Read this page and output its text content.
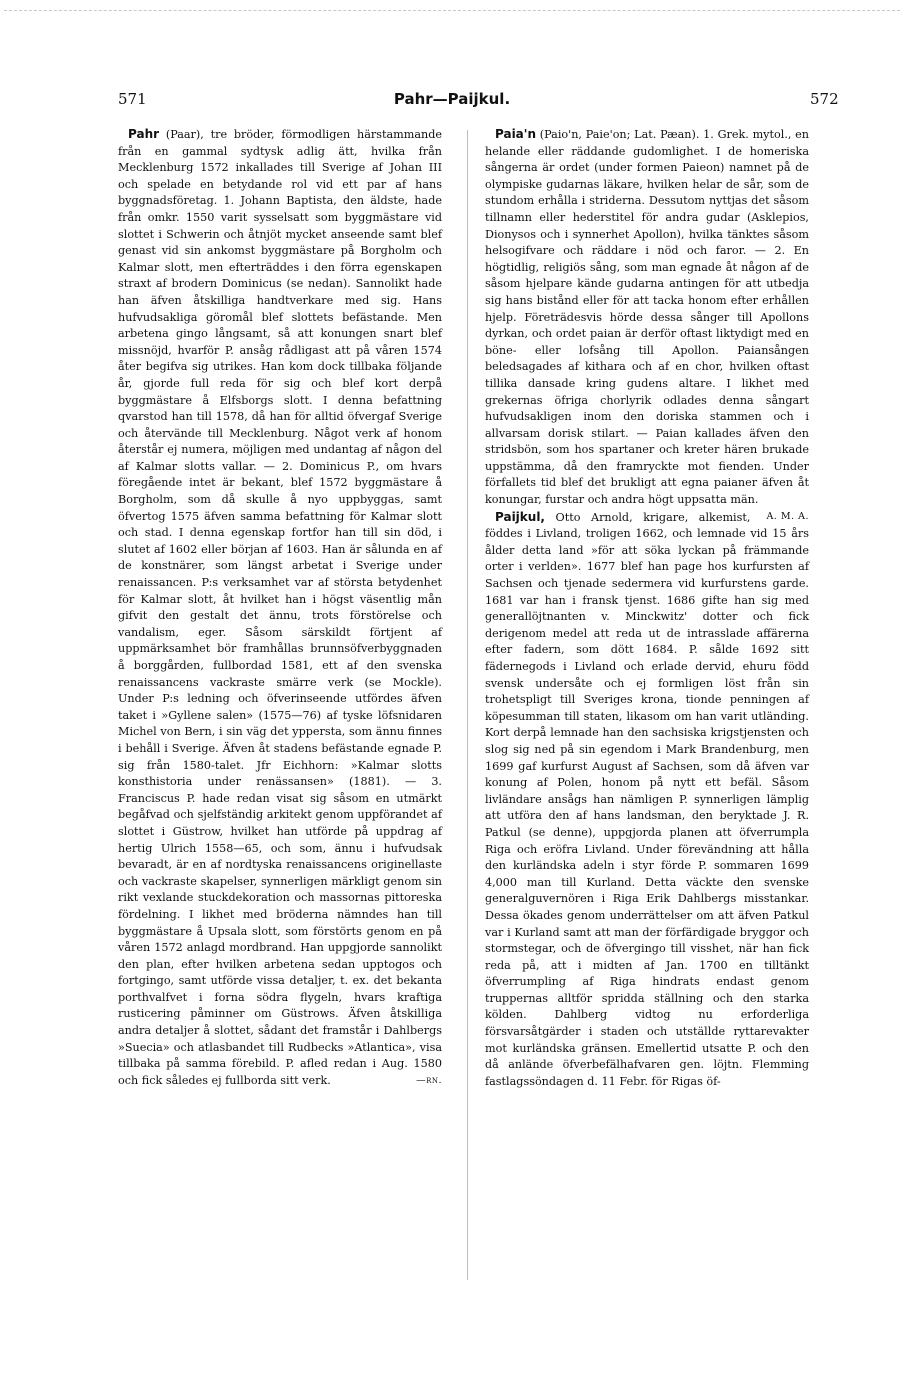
571	Pahr—Paijkul.	572

Pahr (Paar), tre bröder, förmodligen härstammande från en gammal sydtysk adlig ätt, hvilka från Mecklenburg 1572 inkallades till Sverige af Johan III och spelade en betydande rol vid ett par af hans byggnadsföretag. 1. Johann Baptista, den äldste, hade från omkr. 1550 varit sysselsatt som byggmästare vid slottet i Schwerin och åtnjöt mycket anseende samt blef genast vid sin ankomst byggmästare på Borgholm och Kalmar slott, men efterträddes i den förra egenskapen straxt af brodern Dominicus (se nedan). Sannolikt hade han äfven åtskilliga handtverkare med sig. Hans hufvudsakliga göromål blef slottets befästande. Men arbetena gingo långsamt, så att konungen snart blef missnöjd, hvarför P. ansåg rådligast att på våren 1574 åter begifva sig utrikes. Han kom dock tillbaka följande år, gjorde full reda för sig och blef kort derpå byggmästare å Elfsborgs slott. I denna befattning qvarstod han till 1578, då han för alltid öfvergaf Sverige och återvände till Mecklenburg. Något verk af honom återstår ej numera, möjligen med undantag af någon del af Kalmar slotts vallar. — 2. Dominicus P., om hvars föregående intet är bekant, blef 1572 byggmästare å Borgholm, som då skulle å nyo uppbyggas, samt öfvertog 1575 äfven samma befattning för Kalmar slott och stad. I denna egenskap fortfor han till sin död, i slutet af 1602 eller början af 1603. Han är sålunda en af de konstnärer, som längst arbetat i Sverige under renaissancen. P:s verksamhet var af största betydenhet för Kalmar slott, åt hvilket han i högst väsentlig mån gifvit den gestalt det ännu, trots förstörelse och vandalism, eger. Såsom särskildt förtjent af uppmärksamhet bör framhållas brunnsöfverbyggnaden å borggården, fullbordad 1581, ett af den svenska renaissancens vackraste smärre verk (se Mockle). Under P:s ledning och öfverinseende utfördes äfven taket i »Gyllene salen» (1575—76) af tyske löfsnidaren Michel von Bern, i sin väg det yppersta, som ännu finnes i behåll i Sverige. Äfven åt stadens befästande egnade P. sig från 1580-talet. Jfr Eichhorn: »Kalmar slotts konsthistoria under renässansen» (1881). — 3. Franciscus P. hade redan visat sig såsom en utmärkt begåfvad och sjelfständig arkitekt genom uppförandet af slottet i Güstrow, hvilket han utförde på uppdrag af hertig Ulrich 1558—65, och som, ännu i hufvudsak bevaradt, är en af nordtyska renaissancens originellaste och vackraste skapelser, synnerligen märkligt genom sin rikt vexlande stuckdekoration och massornas pittoreska fördelning. I likhet med bröderna nämndes han till byggmästare å Upsala slott, som förstörts genom en på våren 1572 anlagd mordbrand. Han uppgjorde sannolikt den plan, efter hvilken arbetena sedan upptogos och fortgingo, samt utförde vissa detaljer, t. ex. det bekanta porthvalfvet i forna södra flygeln, hvars kraftiga rusticering påminner om Güstrows. Äfven åtskilliga andra detaljer å slottet, sådant det framstår i Dahlbergs »Suecia» och atlasbandet till Rudbecks »Atlantica», visa tillbaka på samma förebild. P. afled redan i Aug. 1580 och fick således ej fullborda sitt verk.	—rn.

Paia'n (Paio'n, Paie'on; Lat. Pæan). 1. Grek. mytol., en helande eller räddande gudomlighet. I de homeriska sångerna är ordet (under formen Paieon) namnet på de olympiske gudarnas läkare, hvilken helar de sår, som de stundom erhålla i striderna. Dessutom nyttjas det såsom tillnamn eller hederstitel för andra gudar (Asklepios, Dionysos och i synnerhet Apollon), hvilka tänktes såsom helsogifvare och räddare i nöd och faror. — 2. En högtidlig, religiös sång, som man egnade åt någon af de såsom hjelpare kände gudarna antingen för att utbedja sig hans bistånd eller för att tacka honom efter erhållen hjelp. Företrädesvis hörde dessa sånger till Apollons dyrkan, och ordet paian är derför oftast liktydigt med en böne- eller lofsång till Apollon. Paiansången beledsagades af kithara och af en chor, hvilken oftast tillika dansade kring gudens altare. I likhet med grekernas öfriga chorlyrik odlades denna sångart hufvudsakligen inom den doriska stammen och i allvarsam dorisk stilart. — Paian kallades äfven den stridsbön, som hos spartaner och kreter hären brukade uppstämma, då den framryckte mot fienden. Under förfallets tid blef det brukligt att egna paianer äfven åt konungar, furstar och andra högt uppsatta män.
A. M. A.

Paijkul, Otto Arnold, krigare, alkemist, föddes i Livland, troligen 1662, och lemnade vid 15 års ålder detta land »för att söka lyckan på främmande orter i verlden». 1677 blef han page hos kurfursten af Sachsen och tjenade sedermera vid kurfurstens garde. 1681 var han i fransk tjenst. 1686 gifte han sig med generallöjtnanten v. Minckwitz' dotter och fick derigenom medel att reda ut de intrasslade affärerna efter fadern, som dött 1684. P. sålde 1692 sitt fädernegods i Livland och erlade dervid, ehuru född svensk undersåte och ej formligen löst från sin trohetspligt till Sveriges krona, tionde penningen af köpesumman till staten, likasom om han varit utländing. Kort derpå lemnade han den sachsiska krigstjensten och slog sig ned på sin egendom i Mark Brandenburg, men 1699 gaf kurfurst August af Sachsen, som då äfven var konung af Polen, honom på nytt ett befäl. Såsom livländare ansågs han nämligen P. synnerligen lämplig att utföra den af hans landsman, den beryktade J. R. Patkul (se denne), uppgjorda planen att öfverrumpla Riga och eröfra Livland. Under förevändning att hålla den kurländska adeln i styr förde P. sommaren 1699 4,000 man till Kurland. Detta väckte den svenske generalguvernören i Riga Erik Dahlbergs misstankar. Dessa ökades genom underrättelser om att äfven Patkul var i Kurland samt att man der förfärdigade bryggor och stormstegar, och de öfvergingo till visshet, när han fick reda på, att i midten af Jan. 1700 en tilltänkt öfverrumpling af Riga hindrats endast genom truppernas alltför spridda ställning och den starka kölden. Dahlberg vidtog nu erforderliga försvarsåtgärder i staden och utställde ryttarevakter mot kurländska gränsen. Emellertid utsatte P. och den då anlände öfverbefälhafvaren gen. löjtn. Flemming fastlagssöndagen d. 11 Febr. för Rigas öf-
